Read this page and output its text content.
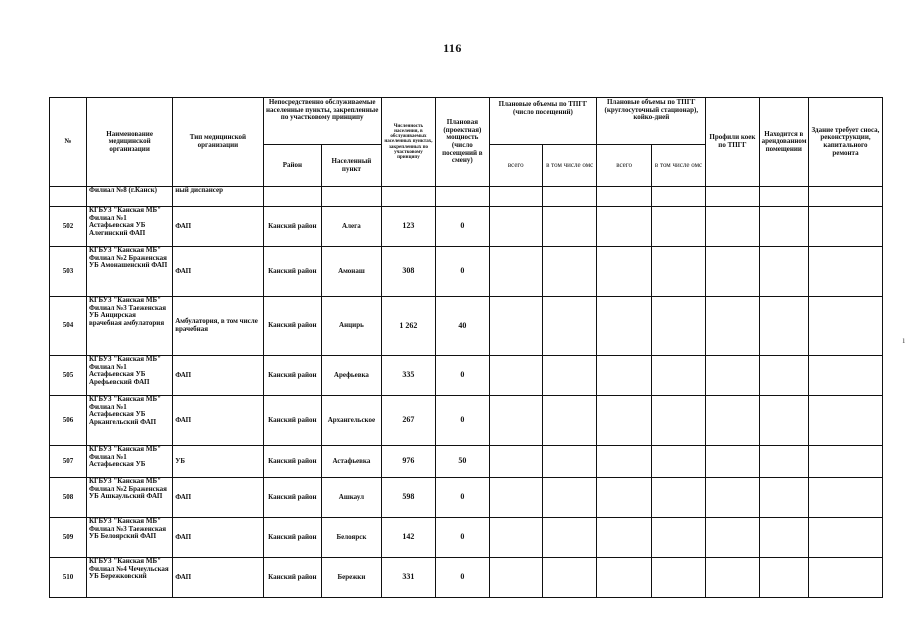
116
ı
№	Наименование медицинской организации	Тип медицинской организации	Непосредственно обслуживаемые населенные пункты, закрепленные по участковому принципу		Численность населения, в обслуживаемых населенных пунктах, закрепленных по участковому принципу	Плановая (проектная) мощность (число посещений в смену)	Плановые объемы по ТПГГ (число посещений)		Плановые объемы по ТПГГ (круглосуточный стационар), койко-дней		Профили коек по ТПГГ	Находится в арендованном помещении	Здание требует сноса, реконструкции, капитального ремонта
			Район	Населенный пункт			всего	в том числе омс	всего	в том числе омс			
	Филиал №8 (г.Канск)	ный диспансер											
502	КГБУЗ "Канская МБ" Филиал №1 Астафьевская УБ Алегинский ФАП	ФАП	Канский район	Алега	123	0							
503	КГБУЗ "Канская МБ" Филиал №2 Браженская УБ Амонашенский ФАП	ФАП	Канский район	Амонаш	308	0							
504	КГБУЗ "Канская МБ" Филиал №3 Таеженская УБ Анцирская врачебная амбулатория	Амбулатория, в том числе врачебная	Канский район	Анцирь	1 262	40							
505	КГБУЗ "Канская МБ" Филиал №1 Астафьевская УБ Арефьевский ФАП	ФАП	Канский район	Арефьевка	335	0							
506	КГБУЗ "Канская МБ" Филиал №1 Астафьевская УБ Аркангельский ФАП	ФАП	Канский район	Архангельское	267	0							
507	КГБУЗ "Канская МБ" Филиал №1 Астафьевская УБ	УБ	Канский район	Астафьевка	976	50							
508	КГБУЗ "Канская МБ" Филиал №2 Браженская УБ Ашкаульский ФАП	ФАП	Канский район	Ашкаул	598	0							
509	КГБУЗ "Канская МБ" Филиал №3 Таеженская УБ Белоярский ФАП	ФАП	Канский район	Белоярск	142	0							
510	КГБУЗ "Канская МБ" Филиал №4 Чечеульская УБ Бережковский	ФАП	Канский район	Бережки	331	0							
